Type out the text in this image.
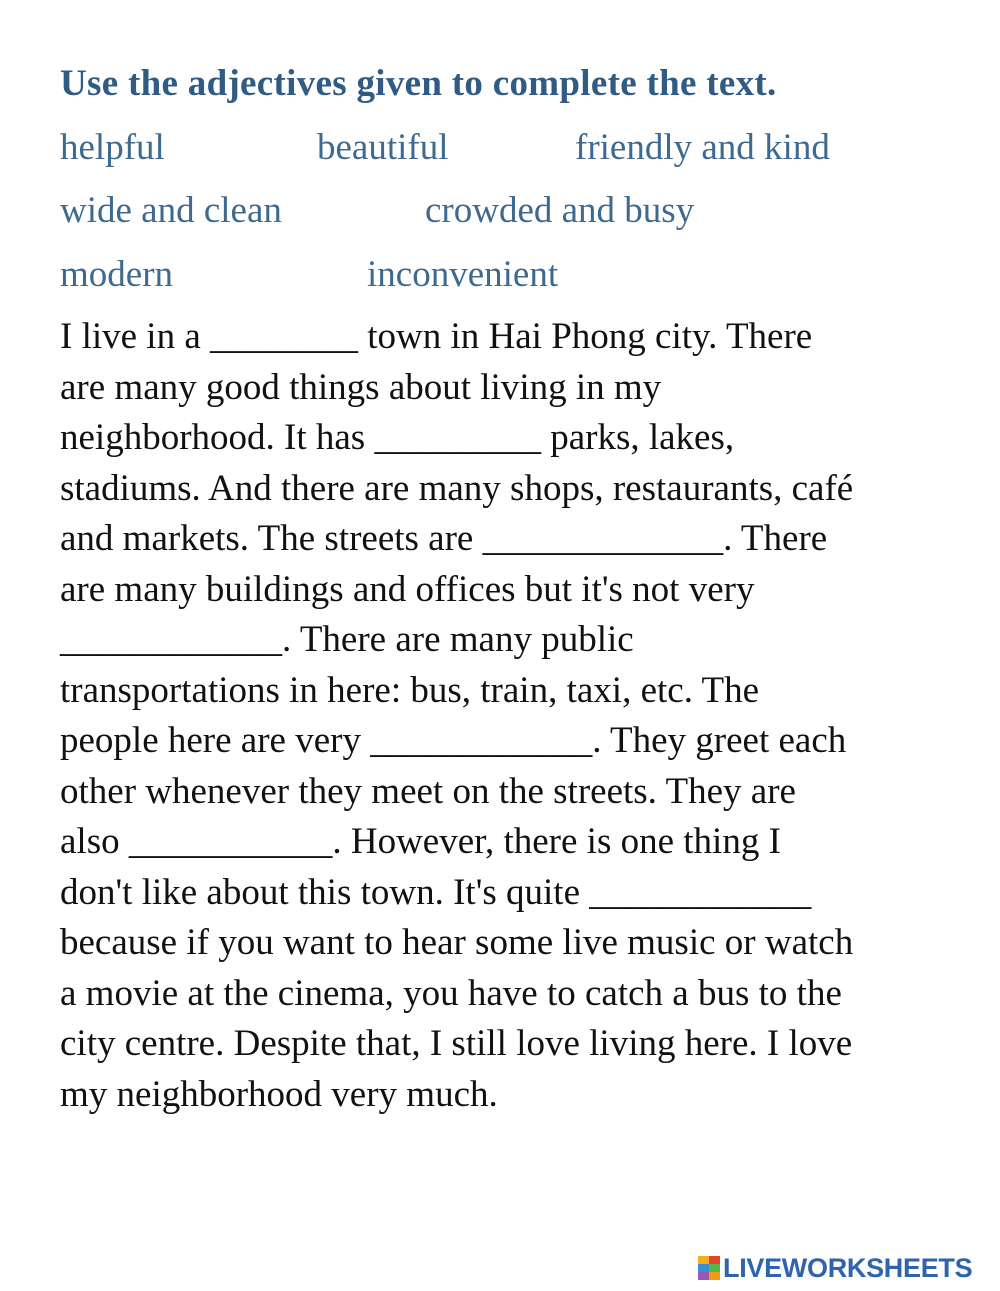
Use the adjectives given to complete the text.
helpful	beautiful	friendly and kind
wide and clean	crowded and busy
modern	inconvenient
I live in a ________ town in Hai Phong city. There
are many good things about living in my
neighborhood. It has _________ parks, lakes,
stadiums. And there are many shops, restaurants, café
and markets. The streets are _____________. There
are many buildings and offices but it's not very
____________. There are many public
transportations in here: bus, train, taxi, etc. The
people here are very ____________. They greet each
other whenever they meet on the streets. They are
also ___________. However, there is one thing I
don't like about this town. It's quite ____________
because if you want to hear some live music or watch
a movie at the cinema, you have to catch a bus to the
city centre. Despite that, I still love living here. I love
my neighborhood very much.
LIVEWORKSHEETS
